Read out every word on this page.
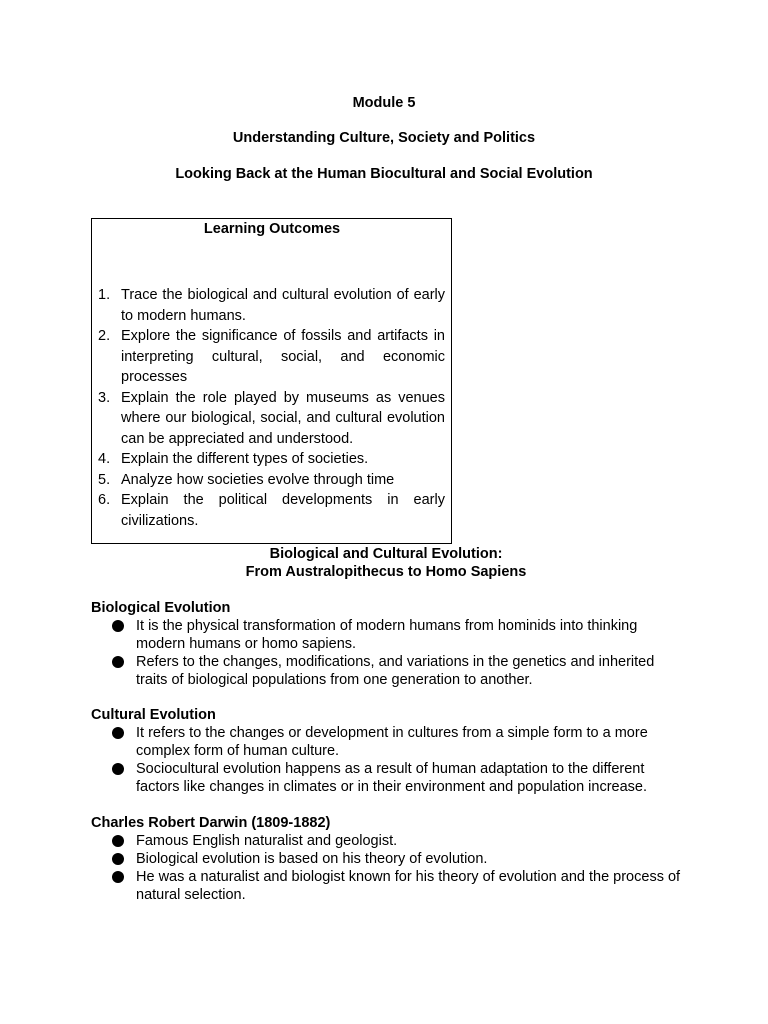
Module 5
Understanding Culture, Society and Politics
Looking Back at the Human Biocultural and Social Evolution
Learning Outcomes
1. Trace the biological and cultural evolution of early to modern humans.
2. Explore the significance of fossils and artifacts in interpreting cultural, social, and economic processes
3. Explain the role played by museums as venues where our biological, social, and cultural evolution can be appreciated and understood.
4. Explain the different types of societies.
5. Analyze how societies evolve through time
6. Explain the political developments in early civilizations.
Biological and Cultural Evolution:
From Australopithecus to Homo Sapiens
Biological Evolution
It is the physical transformation of modern humans from hominids into thinking modern humans or homo sapiens.
Refers to the changes, modifications, and variations in the genetics and inherited traits of biological populations from one generation to another.
Cultural Evolution
It refers to the changes or development in cultures from a simple form to a more complex form of human culture.
Sociocultural evolution happens as a result of human adaptation to the different factors like changes in climates or in their environment and population increase.
Charles Robert Darwin (1809-1882)
Famous English naturalist and geologist.
Biological evolution is based on his theory of evolution.
He was a naturalist and biologist known for his theory of evolution and the process of natural selection.
